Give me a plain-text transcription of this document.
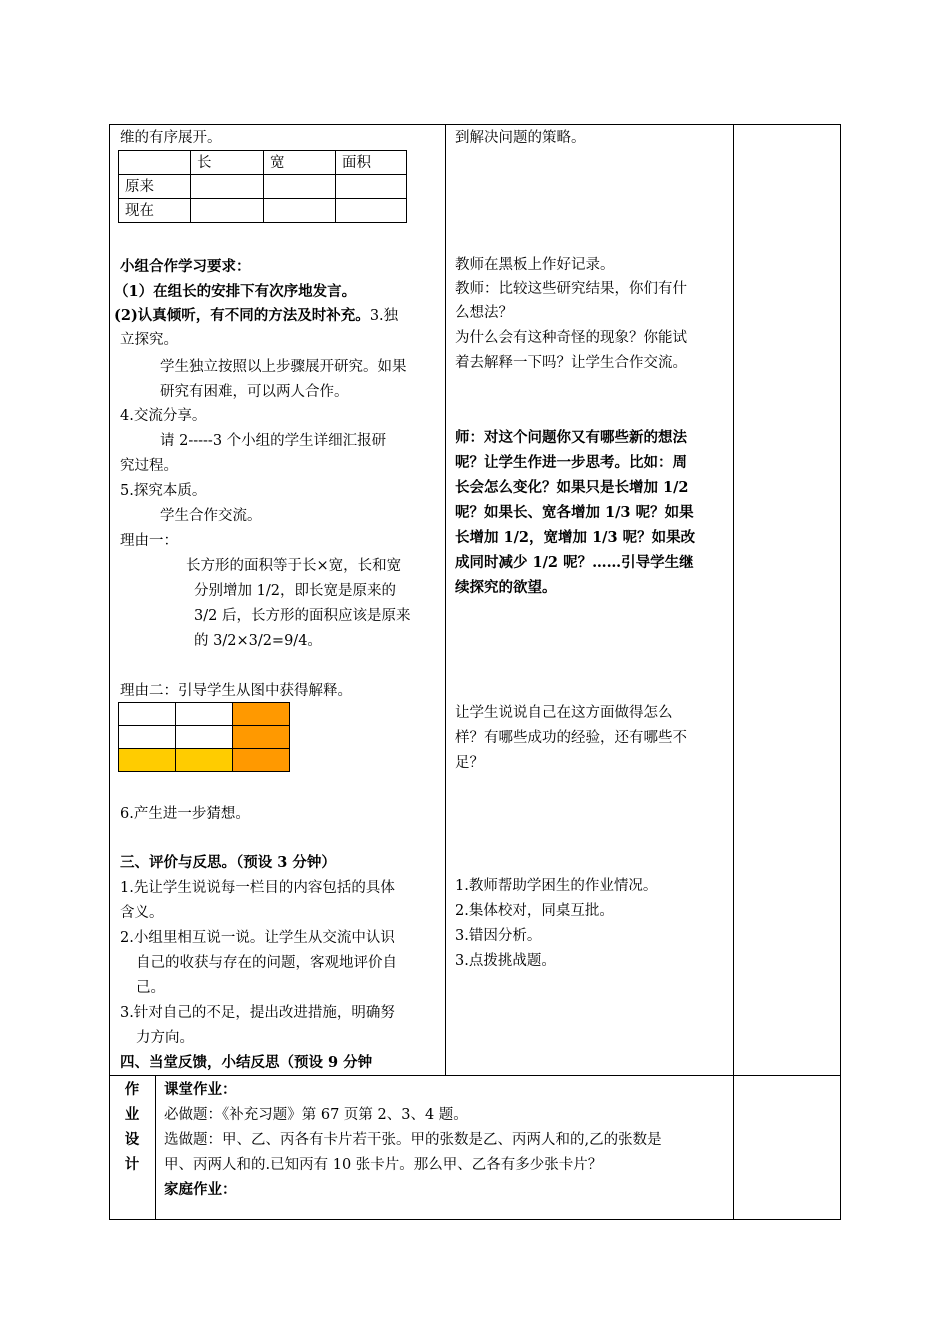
维的有序展开。
	长	宽	面积
原来			
现在			
小组合作学习要求：
（1）在组长的安排下有次序地发言。
(2)认真倾听，有不同的方法及时补充。3.独
立探究。
学生独立按照以上步骤展开研究。如果
研究有困难，可以两人合作。
4.交流分享。
请 2-----3 个小组的学生详细汇报研
究过程。
5.探究本质。
学生合作交流。
理由一：
长方形的面积等于长×宽，长和宽
分别增加 1/2，即长宽是原来的
3/2 后，长方形的面积应该是原来
的 3/2×3/2=9/4。
理由二：引导学生从图中获得解释。

6.产生进一步猜想。
三、评价与反思。（预设 3 分钟）
1.先让学生说说每一栏目的内容包括的具体
含义。
2.小组里相互说一说。让学生从交流中认识
自己的收获与存在的问题，客观地评价自
己。
3.针对自己的不足，提出改进措施，明确努
力方向。
四、当堂反馈，小结反思（预设 9 分钟
到解决问题的策略。
教师在黑板上作好记录。
教师：比较这些研究结果，你们有什
么想法？
为什么会有这种奇怪的现象？你能试
着去解释一下吗？让学生合作交流。
师：对这个问题你又有哪些新的想法
呢？让学生作进一步思考。比如：周
长会怎么变化？如果只是长增加 1/2
呢？如果长、宽各增加 1/3 呢？如果
长增加 1/2，宽增加 1/3 呢？如果改
成同时减少 1/2 呢？……引导学生继
续探究的欲望。
让学生说说自己在这方面做得怎么
样？有哪些成功的经验，还有哪些不
足？
1.教师帮助学困生的作业情况。
2.集体校对，同桌互批。
3.错因分析。
3.点拨挑战题。
作
业
设
计
课堂作业：
必做题：《补充习题》第 67 页第 2、3、4 题。
选做题：甲、乙、丙各有卡片若干张。甲的张数是乙、丙两人和的,乙的张数是
甲、丙两人和的.已知丙有 10 张卡片。那么甲、乙各有多少张卡片？
家庭作业：
